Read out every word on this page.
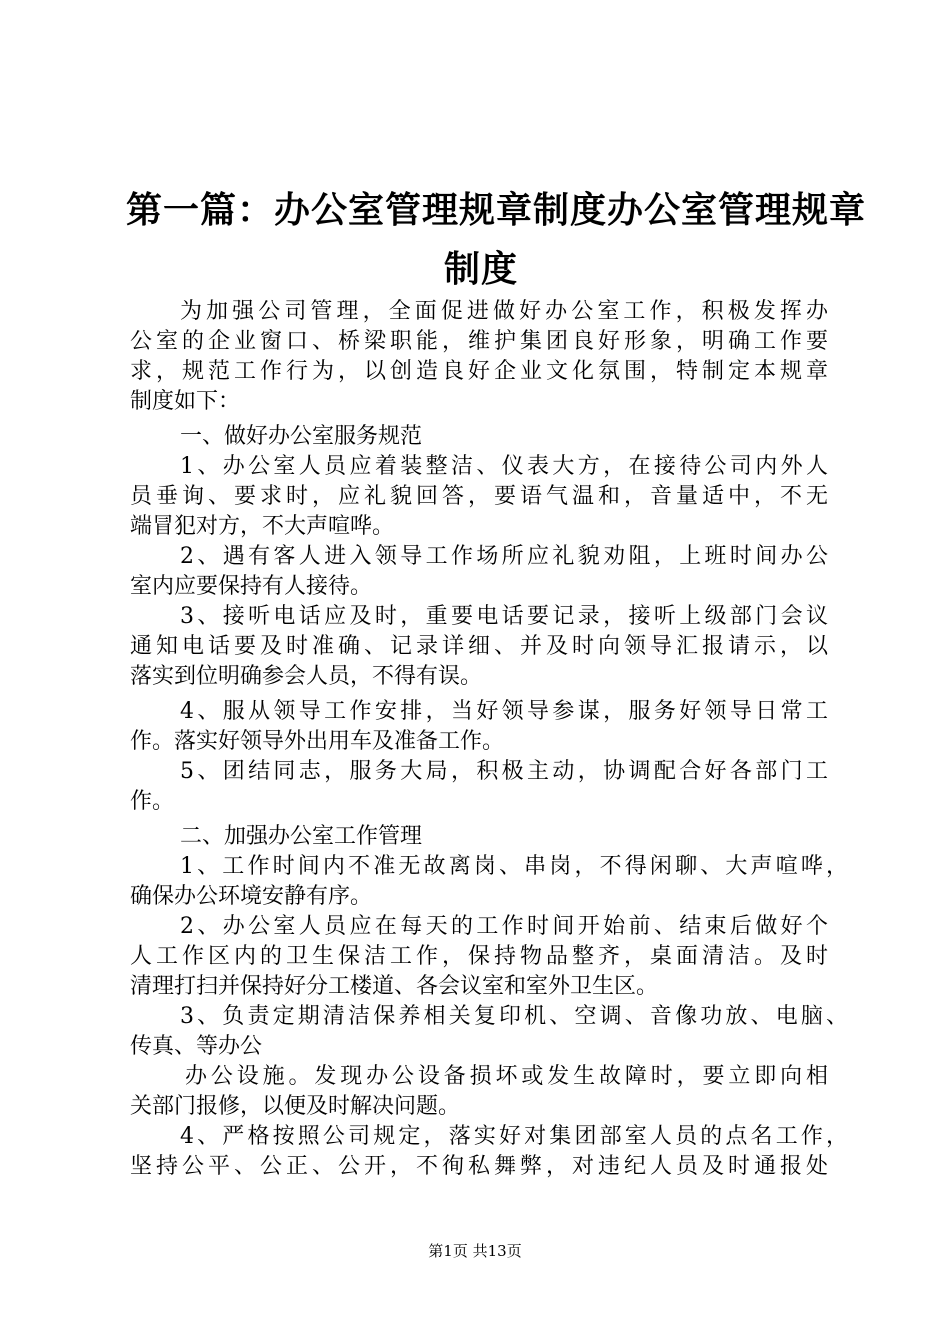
第一篇：办公室管理规章制度办公室管理规章
制度
为加强公司管理，全面促进做好办公室工作，积极发挥办
公室的企业窗口、桥梁职能，维护集团良好形象，明确工作要
求，规范工作行为，以创造良好企业文化氛围，特制定本规章
制度如下：
一、做好办公室服务规范
1、办公室人员应着装整洁、仪表大方，在接待公司内外人
员垂询、要求时，应礼貌回答，要语气温和，音量适中，不无
端冒犯对方，不大声喧哗。
2、遇有客人进入领导工作场所应礼貌劝阻，上班时间办公
室内应要保持有人接待。
3、接听电话应及时，重要电话要记录，接听上级部门会议
通知电话要及时准确、记录详细、并及时向领导汇报请示，以
落实到位明确参会人员，不得有误。
4、服从领导工作安排，当好领导参谋，服务好领导日常工
作。落实好领导外出用车及准备工作。
5、团结同志，服务大局，积极主动，协调配合好各部门工
作。
二、加强办公室工作管理
1、工作时间内不准无故离岗、串岗，不得闲聊、大声喧哗，
确保办公环境安静有序。
2、办公室人员应在每天的工作时间开始前、结束后做好个
人工作区内的卫生保洁工作，保持物品整齐，桌面清洁。及时
清理打扫并保持好分工楼道、各会议室和室外卫生区。
3、负责定期清洁保养相关复印机、空调、音像功放、电脑、
传真、等办公
办公设施。发现办公设备损坏或发生故障时，要立即向相
关部门报修，以便及时解决问题。
4、严格按照公司规定，落实好对集团部室人员的点名工作，
坚持公平、公正、公开，不徇私舞弊，对违纪人员及时通报处
第1页 共13页
